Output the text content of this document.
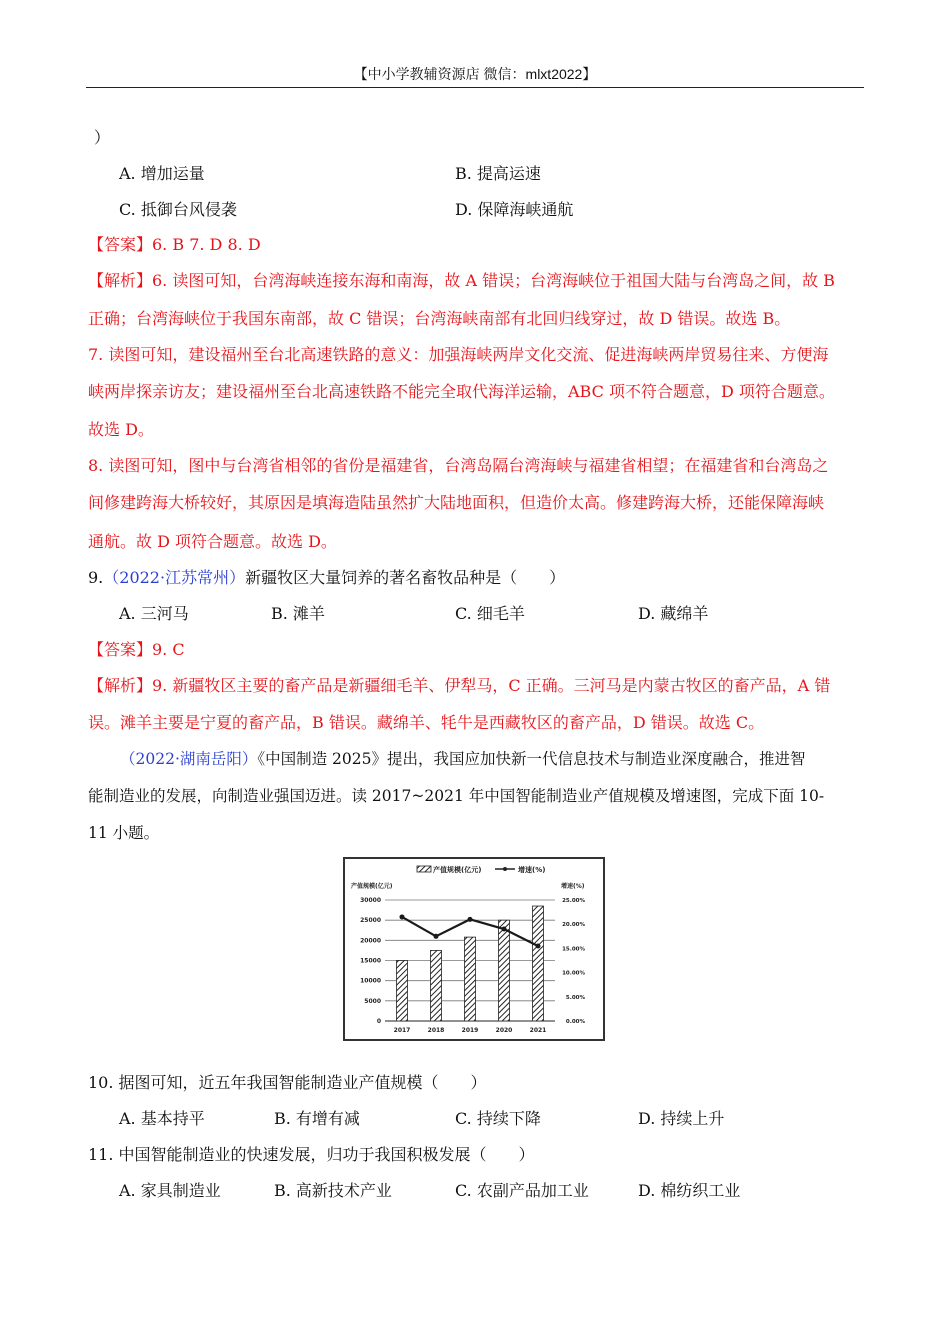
【中小学教辅资源店 微信：mlxt2022】
）
A. 增加运量	B. 提高运速
C. 抵御台风侵袭	D. 保障海峡通航
【答案】6. B 7. D 8. D
【解析】6. 读图可知，台湾海峡连接东海和南海，故 A 错误；台湾海峡位于祖国大陆与台湾岛之间，故 B
正确；台湾海峡位于我国东南部，故 C 错误；台湾海峡南部有北回归线穿过，故 D 错误。故选 B。
7. 读图可知，建设福州至台北高速铁路的意义：加强海峡两岸文化交流、促进海峡两岸贸易往来、方便海
峡两岸探亲访友；建设福州至台北高速铁路不能完全取代海洋运输，ABC 项不符合题意，D 项符合题意。
故选 D。
8. 读图可知，图中与台湾省相邻的省份是福建省，台湾岛隔台湾海峡与福建省相望；在福建省和台湾岛之
间修建跨海大桥较好，其原因是填海造陆虽然扩大陆地面积，但造价太高。修建跨海大桥，还能保障海峡
通航。故 D 项符合题意。故选 D。
9.（2022·江苏常州）新疆牧区大量饲养的著名畜牧品种是（　　）
A. 三河马	B. 滩羊	C. 细毛羊	D. 藏绵羊
【答案】9. C
【解析】9. 新疆牧区主要的畜产品是新疆细毛羊、伊犁马，C 正确。三河马是内蒙古牧区的畜产品，A 错
误。滩羊主要是宁夏的畜产品，B 错误。藏绵羊、牦牛是西藏牧区的畜产品，D 错误。故选 C。
（2022·湖南岳阳）《中国制造 2025》提出，我国应加快新一代信息技术与制造业深度融合，推进智
能制造业的发展，向制造业强国迈进。读 2017~2021 年中国智能制造业产值规模及增速图，完成下面 10-
11 小题。
产值规模(亿元)	增速(%)
产值规模(亿元)	增速(%)
0
5000
10000
15000
20000
25000
30000
0.00%
5.00%
10.00%
15.00%
20.00%
25.00%
2017	2018	2019	2020	2021
10. 据图可知，近五年我国智能制造业产值规模（　　）
A. 基本持平	B. 有增有减	C. 持续下降	D. 持续上升
11. 中国智能制造业的快速发展，归功于我国积极发展（　　）
A. 家具制造业	B. 高新技术产业	C. 农副产品加工业	D. 棉纺织工业
